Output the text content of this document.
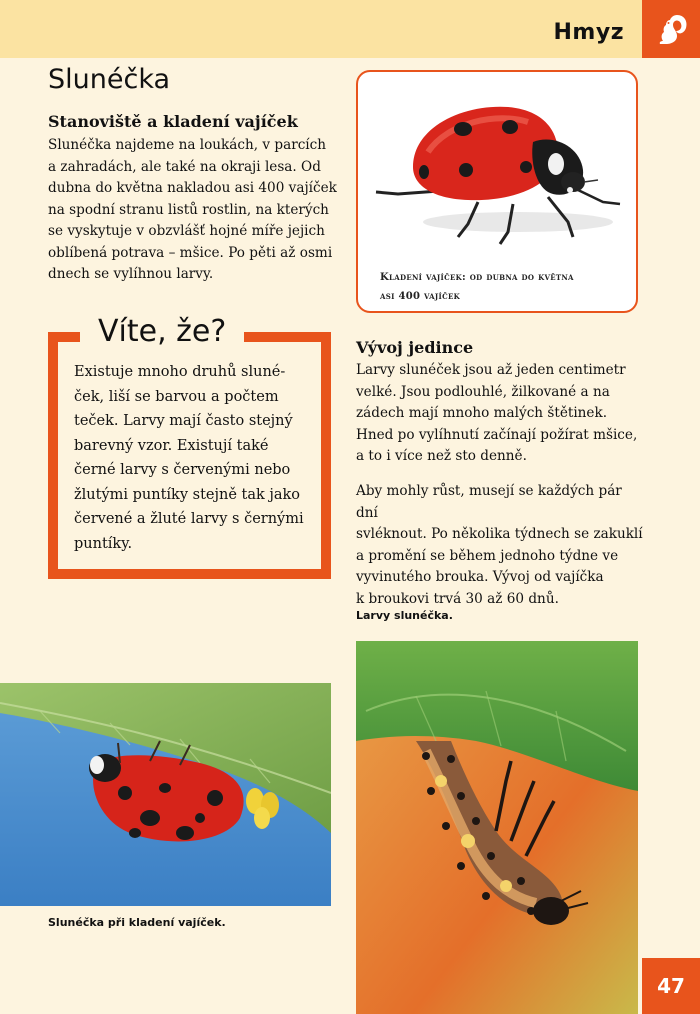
Hmyz
Slunéčka
Stanoviště a kladení vajíček
Slunéčka najdeme na loukách, v parcích
a zahradách, ale také na okraji lesa. Od
dubna do května nakladou asi 400 vajíček
na spodní stranu listů rostlin, na kterých
se vyskytuje v obzvlášť hojné míře jejich
oblíbená potrava – mšice. Po pěti až osmi
dnech se vylíhnou larvy.	Kladení vajíček: od dubna do května
asi 400 vajíček
Víte, že?
Existuje mnoho druhů sluné-
ček, liší se barvou a počtem
teček. Larvy mají často stejný
barevný vzor. Existují také
černé larvy s červenými nebo
žlutými puntíky stejně tak jako
červené a žluté larvy s černými
puntíky.
Vývoj jedince
Larvy slunéček jsou až jeden centimetr
velké. Jsou podlouhlé, žilkované a na
zádech mají mnoho malých štětinek.
Hned po vylíhnutí začínají požírat mšice,
a to i více než sto denně.
Aby mohly růst, musejí se každých pár dní
svléknout. Po několika týdnech se zakuklí
a promění se během jednoho týdne ve
vyvinutého brouka. Vývoj od vajíčka
k broukovi trvá 30 až 60 dnů.
Larvy slunéčka.
Slunéčka při kladení vajíček.
47
